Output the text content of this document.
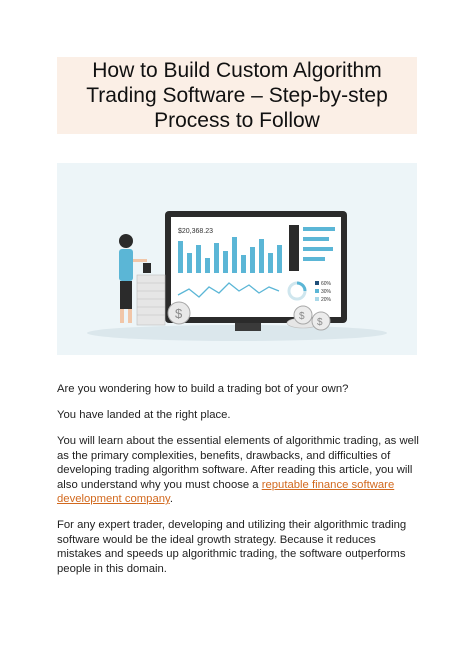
How to Build Custom Algorithm
Trading Software – Step-by-step
Process to Follow
$20,368.23
60%
30%
20%
$	$
$

Are you wondering how to build a trading bot of your own?

You have landed at the right place.

You will learn about the essential elements of algorithmic trading, as well as the primary complexities, benefits, drawbacks, and difficulties of developing trading algorithm software. After reading this article, you will also understand why you must choose a reputable finance software development company.

For any expert trader, developing and utilizing their algorithmic trading software would be the ideal growth strategy. Because it reduces mistakes and speeds up algorithmic trading, the software outperforms people in this domain.
